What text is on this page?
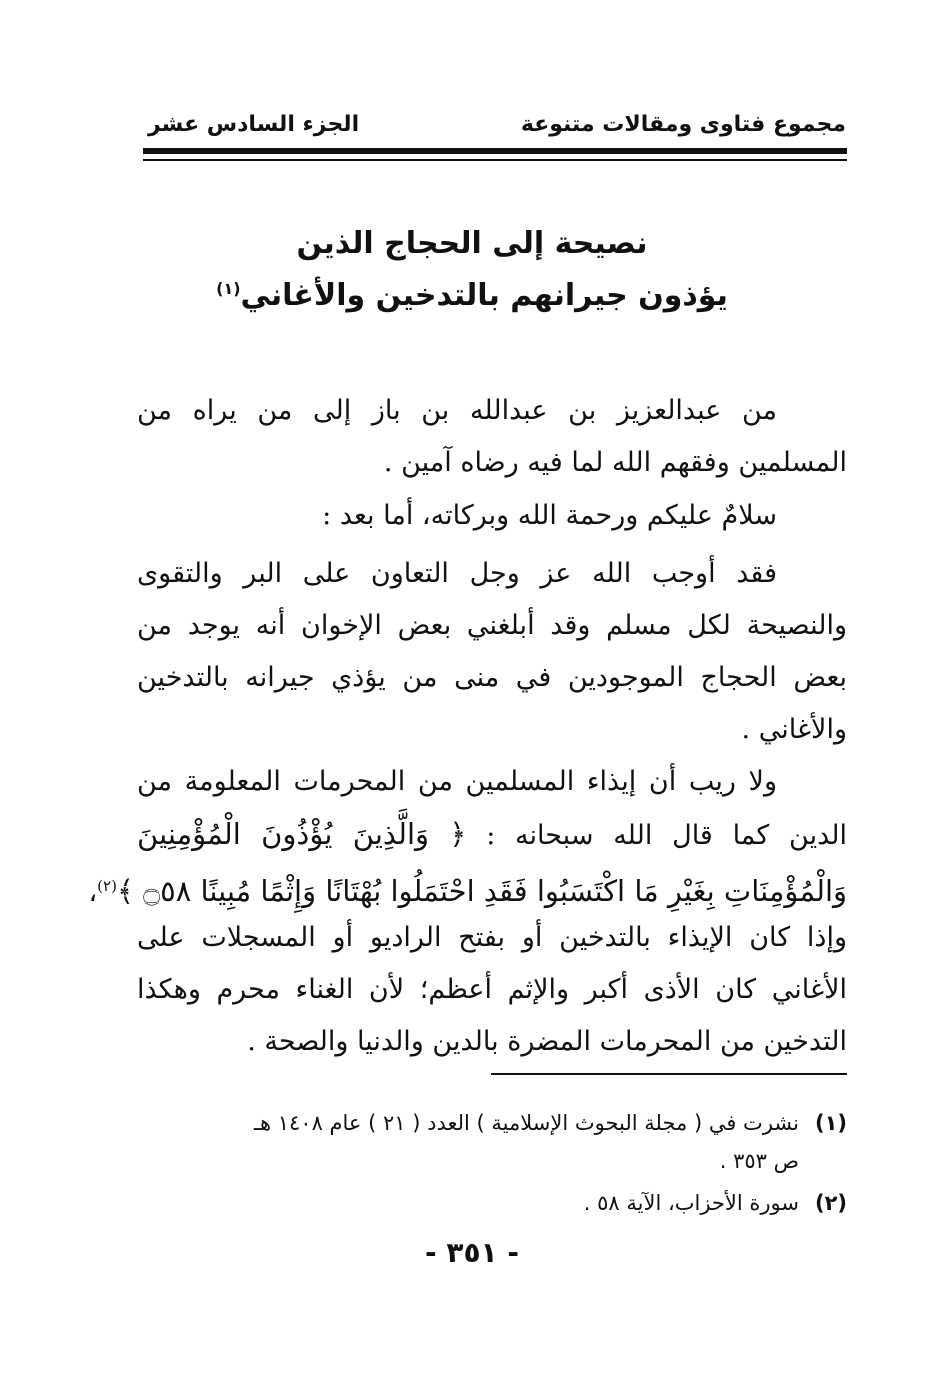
مجموع فتاوى ومقالات متنوعة
الجزء السادس عشر
نصيحة إلى الحجاج الذين
يؤذون جيرانهم بالتدخين والأغاني$^{(١)}$
من عبدالعزيز بن عبدالله بن باز إلى من يراه من
المسلمين وفقهم الله لما فيه رضاه آمين .
سلامٌ عليكم ورحمة الله وبركاته، أما بعد :
فقد أوجب الله عز وجل التعاون على البر والتقوى
والنصيحة لكل مسلم وقد أبلغني بعض الإخوان أنه يوجد من
بعض الحجاج الموجودين في منى من يؤذي جيرانه بالتدخين
والأغاني .
ولا ريب أن إيذاء المسلمين من المحرمات المعلومة من
الدين كما قال الله سبحانه : ﴿ وَالَّذِينَ يُؤْذُونَ الْمُؤْمِنِينَ
وَالْمُؤْمِنَاتِ بِغَيْرِ مَا اكْتَسَبُوا فَقَدِ احْتَمَلُوا بُهْتَانًا وَإِثْمًا مُبِينًا ۝٥٨ ﴾$^{(٢)}$،
وإذا كان الإيذاء بالتدخين أو بفتح الراديو أو المسجلات على
الأغاني كان الأذى أكبر والإثم أعظم؛ لأن الغناء محرم وهكذا
التدخين من المحرمات المضرة بالدين والدنيا والصحة .
(١)نشرت في ( مجلة البحوث الإسلامية ) العدد ( ٢١ ) عام ١٤٠٨ هـ
ص ٣٥٣ .
(٢)سورة الأحزاب، الآية ٥٨ .
- ٣٥١ -
